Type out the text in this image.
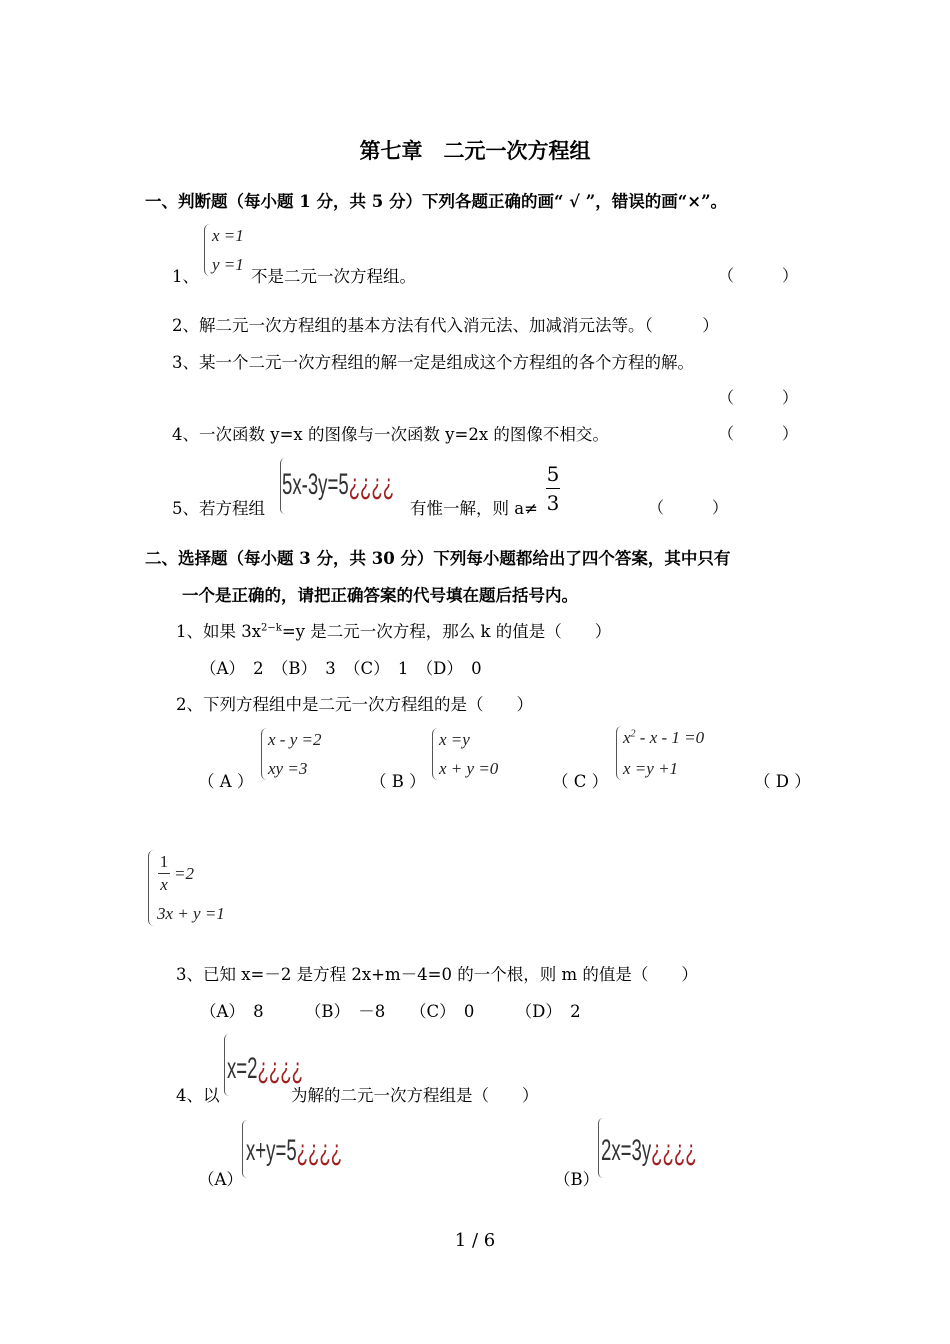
第七章　二元一次方程组
一、判断题（每小题 1 分，共 5 分）下列各题正确的画“ √ ”，错误的画“×”。
x =1
y =1
1、	不是二元一次方程组。	（　　　）
2、解二元一次方程组的基本方法有代入消元法、加减消元法等。（　　　）
3、某一个二元一次方程组的解一定是组成这个方程组的各个方程的解。
（　　　）
4、一次函数 y=x 的图像与一次函数 y=2x 的图像不相交。	（　　　）
5、若方程组
5x-3y=5¿¿¿¿
有惟一解，则 a≠
5
3	（　　　）
二、选择题（每小题 3 分，共 30 分）下列每小题都给出了四个答案，其中只有
一个是正确的，请把正确答案的代号填在题后括号内。
1、如果 $3x^{2-k}=y$ 是二元一次方程，那么 k 的值是（　　）
（A）　2　（B）　3　（C）　1　（D）　0
2、下列方程组中是二元一次方程组的是（　　）
（ A ）
x - y =2
xy =3
（ B ）
x =y
x + y =0
（ C ）
$x^2 - x - 1 =0$
x =y +1
（ D ）
1
x
=2
3x + y =1
3、已知 x=－2 是方程 2x+m－4=0 的一个根，则 m 的值是（　　）
（A）　8　　　（B）　－8　　（C）　0　　　（D）　2
4、以
x=2¿¿¿¿
为解的二元一次方程组是（　　）
（A）
x+y=5¿¿¿¿
（B）
2x=3y¿¿¿¿
1 / 6
